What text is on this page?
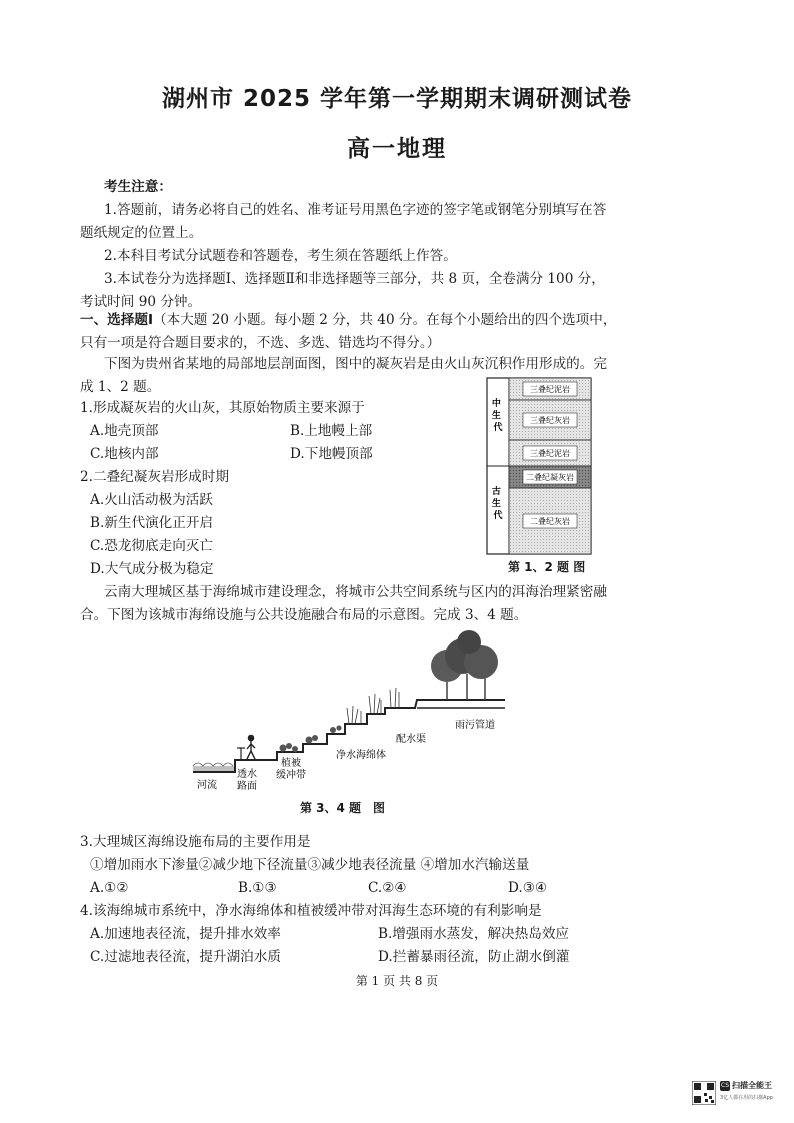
湖州市 2025 学年第一学期期末调研测试卷
高一地理
考生注意：
1.答题前，请务必将自己的姓名、准考证号用黑色字迹的签字笔或钢笔分别填写在答
题纸规定的位置上。
2.本科目考试分试题卷和答题卷，考生须在答题纸上作答。
3.本试卷分为选择题Ⅰ、选择题Ⅱ和非选择题等三部分，共 8 页，全卷满分 100 分，
考试时间 90 分钟。
一、选择题Ⅰ（本大题 20 小题。每小题 2 分，共 40 分。在每个小题给出的四个选项中，
只有一项是符合题目要求的，不选、多选、错选均不得分。）
下图为贵州省某地的局部地层剖面图，图中的凝灰岩是由火山灰沉积作用形成的。完
成 1、2 题。
1.形成凝灰岩的火山灰，其原始物质主要来源于
A.地壳顶部	B.上地幔上部
C.地核内部	D.下地幔顶部
2.二叠纪凝灰岩形成时期
A.火山活动极为活跃
B.新生代演化正开启
C.恐龙彻底走向灭亡
D.大气成分极为稳定
三叠纪泥岩
三叠纪灰岩
三叠纪泥岩
二叠纪凝灰岩
二叠纪灰岩
中 生 代
古 生 代
第 1、2 题 图
云南大理城区基于海绵城市建设理念，将城市公共空间系统与区内的洱海治理紧密融
合。下图为该城市海绵设施与公共设施融合布局的示意图。完成 3、4 题。
河流
透水
路面
植被
缓冲带
净水海绵体
配水渠
雨污管道
第 3、4 题　图
3.大理城区海绵设施布局的主要作用是
①增加雨水下渗量②减少地下径流量③减少地表径流量 ④增加水汽输送量
A.①②	B.①③	C.②④	D.③④
4.该海绵城市系统中，净水海绵体和植被缓冲带对洱海生态环境的有利影响是
A.加速地表径流，提升排水效率	B.增强雨水蒸发，解决热岛效应
C.过滤地表径流，提升湖泊水质	D.拦蓄暴雨径流，防止湖水倒灌
第 1 页 共 8 页
CS 扫描全能王
3亿人都在用的扫描App
